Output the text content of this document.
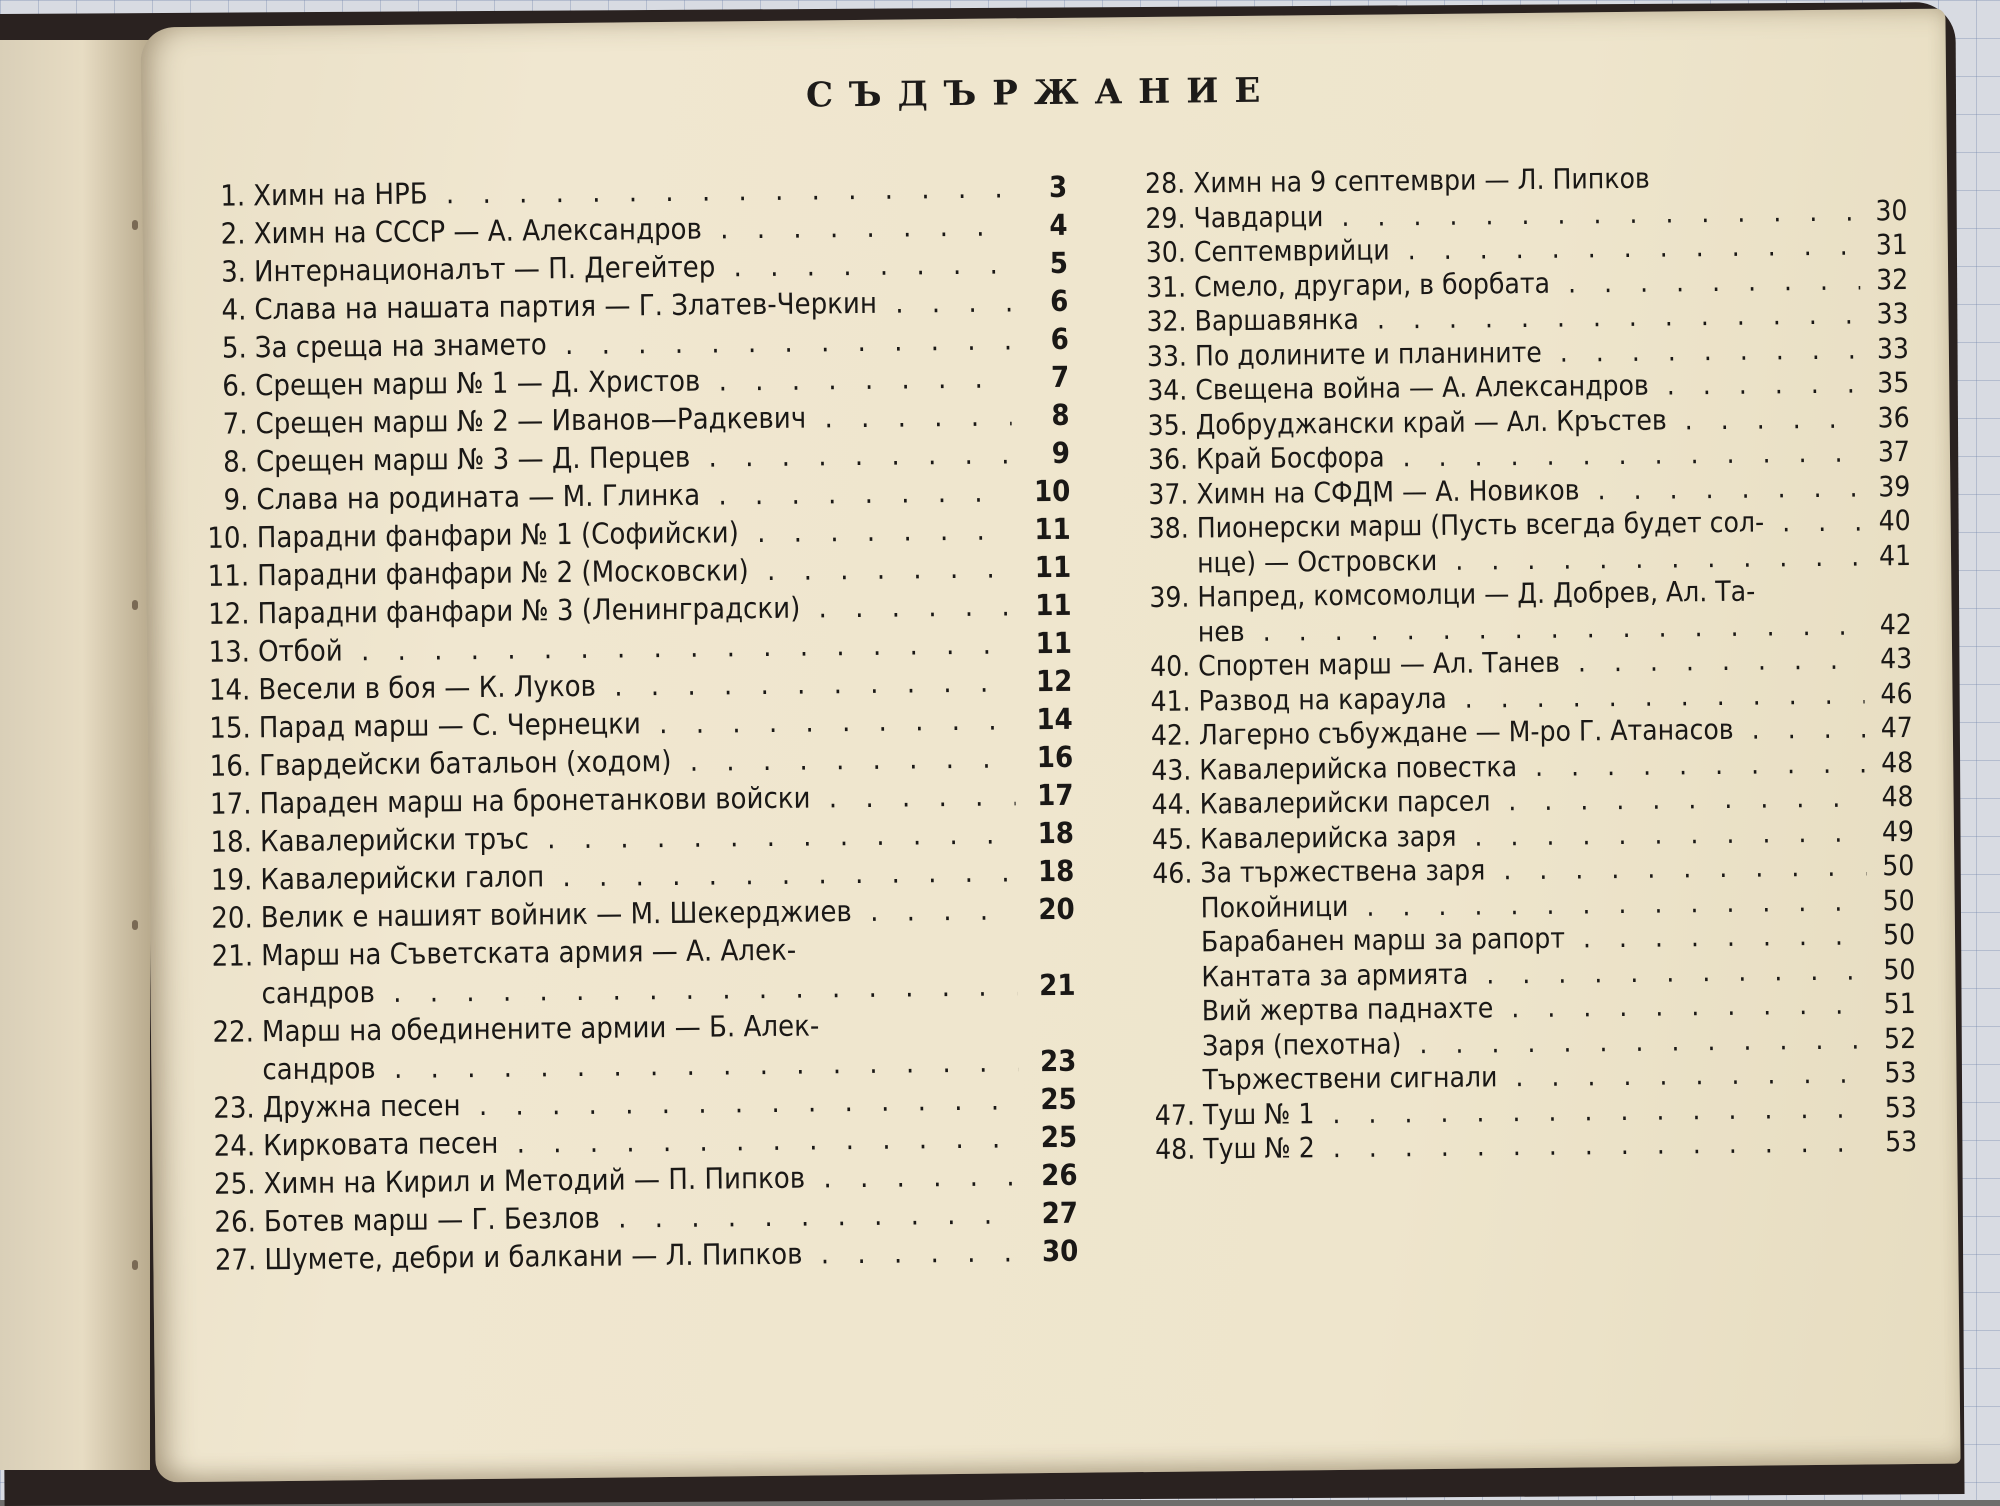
СЪДЪРЖАНИЕ
1. Химн на НРБ . . .	3
2. Химн на СССР — А. Александров . . .	4
3. Интернационалът — П. Дегейтер . . .	5
4. Слава на нашата партия — Г. Златев-Черкин . . .	6
5. За среща на знамето . . .	6
6. Срещен марш № 1 — Д. Христов . . .	7
7. Срещен марш № 2 — Иванов—Радкевич . . .	8
8. Срещен марш № 3 — Д. Перцев . . .	9
9. Слава на родината — М. Глинка . . .	10
10. Парадни фанфари № 1 (Софийски) . . .	11
11. Парадни фанфари № 2 (Московски) . . .	11
12. Парадни фанфари № 3 (Ленинградски) . . .	11
13. Отбой . . .	11
14. Весели в боя — К. Луков . . .	12
15. Парад марш — С. Чернецки . . .	14
16. Гвардейски батальон (ходом) . . .	16
17. Параден марш на бронетанкови войски . . .	17
18. Кавалерийски тръс . . .	18
19. Кавалерийски галоп . . .	18
20. Велик е нашият войник — М. Шекерджиев . . .	20
21. Марш на Съветската армия — А. Алек-
сандров . . .	21
22. Марш на обединените армии — Б. Алек-
сандров . . .	23
23. Дружна песен . . .	25
24. Кирковата песен . . .	25
25. Химн на Кирил и Методий — П. Пипков . . .	26
26. Ботев марш — Г. Безлов . . .	27
27. Шумете, дебри и балкани — Л. Пипков . . .	30
28. Химн на 9 септември — Л. Пипков
29. Чавдарци . . .	30
30. Септемврийци . . .	31
31. Смело, другари, в борбата . . .	32
32. Варшавянка . . .	33
33. По долините и планините . . .	33
34. Свещена война — А. Александров . . .	35
35. Добруджански край — Ал. Кръстев . . .	36
36. Край Босфора . . .	37
37. Химн на СФДМ — А. Новиков . . .	39
38. Пионерски марш (Пусть всегда будет сол- . . .	40
нце) — Островски . . .	41
39. Напред, комсомолци — Д. Добрев, Ал. Та-
нев . . .	42
40. Спортен марш — Ал. Танев . . .	43
41. Развод на караула . . .	46
42. Лагерно събуждане — М-ро Г. Атанасов . . .	47
43. Кавалерийска повестка . . .	48
44. Кавалерийски парсел . . .	48
45. Кавалерийска заря . . .	49
46. За тържествена заря . . .	50
Покойници . . .	50
Барабанен марш за рапорт . . .	50
Кантата за армията . . .	50
Вий жертва паднахте . . .	51
Заря (пехотна) . . .	52
Тържествени сигнали . . .	53
47. Туш № 1 . . .	53
48. Туш № 2 . . .	53
